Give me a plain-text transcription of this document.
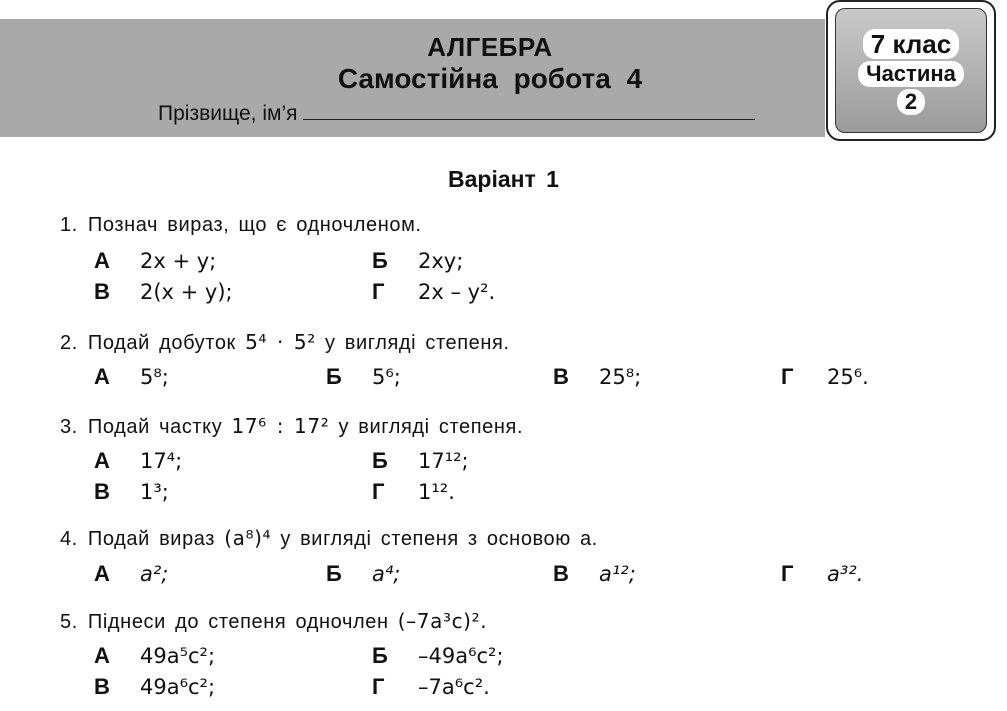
АЛГЕБРА
Самостійна робота 4
Прізвище, ім’я
7 клас
Частина
2
Варіант 1
1. Познач вираз, що є одночленом.
А 2x + y;	Б 2xy;
В 2(x + y);	Г 2x – y².
2. Подай добуток 5⁴ · 5² у вигляді степеня.
А 5⁸;	Б 5⁶;	В 25⁸;	Г 25⁶.
3. Подай частку 17⁶ : 17² у вигляді степеня.
А 17⁴;	Б 17¹²;
В 1³;	Г 1¹².
4. Подай вираз (a⁸)⁴ у вигляді степеня з основою a.
А a²;	Б a⁴;	В a¹²;	Г a³².
5. Піднеси до степеня одночлен (–7a³c)².
А 49a⁵c²;	Б –49a⁶c²;
В 49a⁶c²;	Г –7a⁶c².
